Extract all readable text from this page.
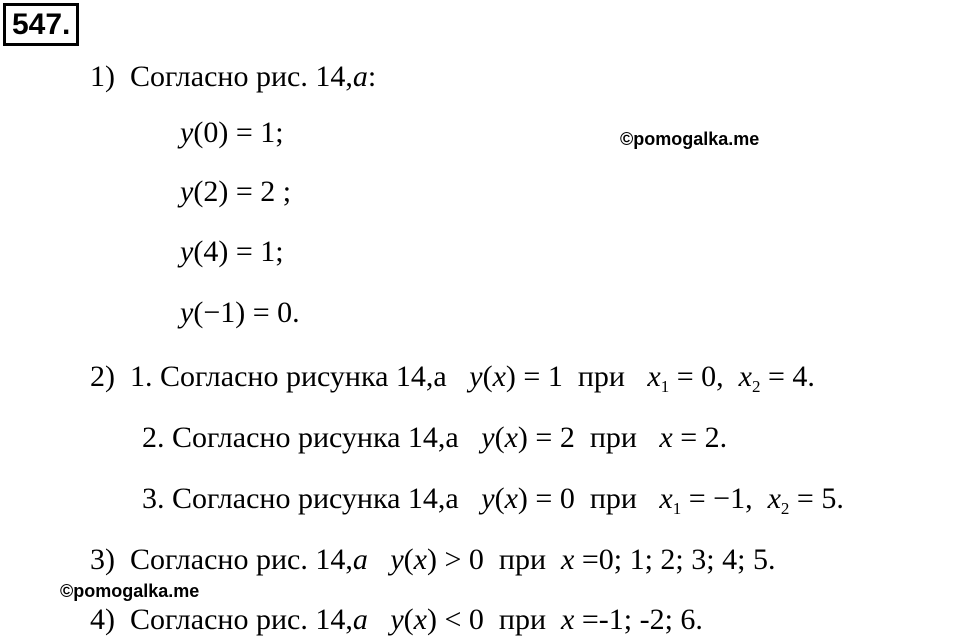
547.
©pomogalka.me
©pomogalka.me
1) Согласно рис. 14,а:
y(0) = 1;
y(2) = 2 ;
y(4) = 1;
y(−1) = 0.
2) 1. Согласно рисунка 14,а y(x) = 1 при $x_1 = 0$, $x_2 = 4$.
2. Согласно рисунка 14,а y(x) = 2 при x = 2.
3. Согласно рисунка 14,а y(x) = 0 при $x_1 = -1$, $x_2 = 5$.
3) Согласно рис. 14,а y(x) > 0 при x =0; 1; 2; 3; 4; 5.
4) Согласно рис. 14,а y(x) < 0 при x =-1; -2; 6.
